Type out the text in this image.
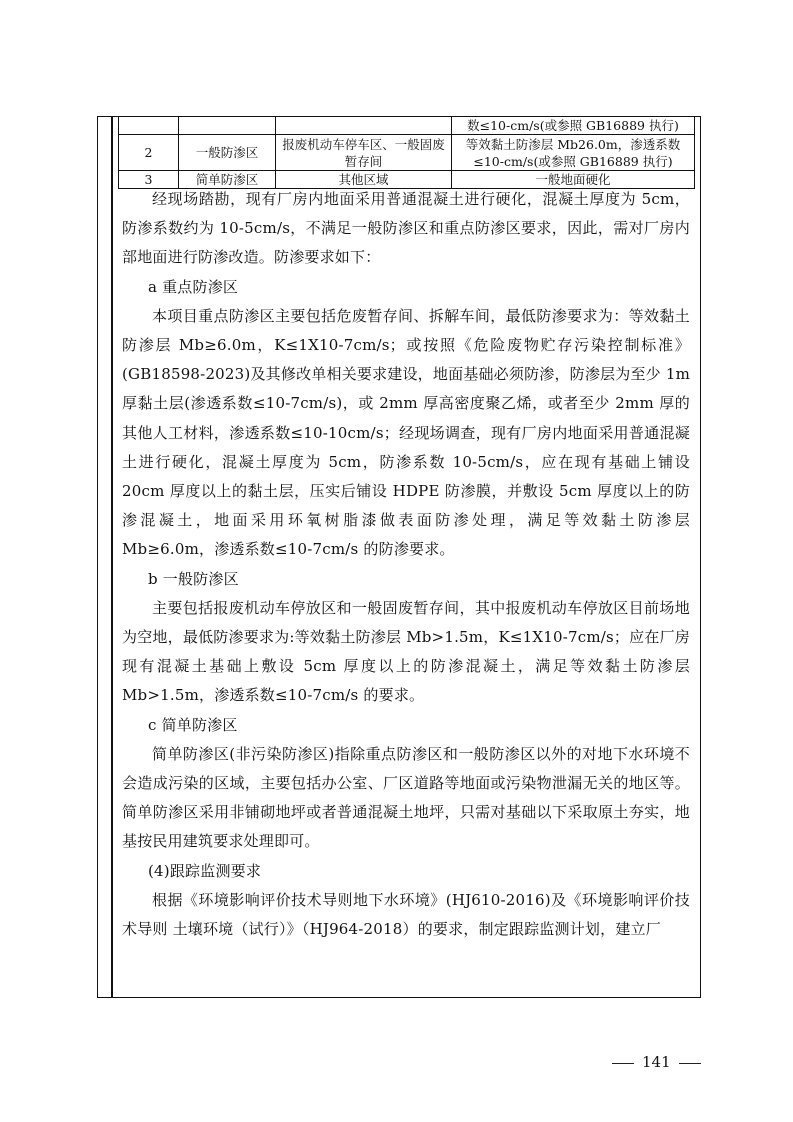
			数≤10-cm/s(或参照 GB16889 执行)
2	一般防渗区	报废机动车停车区、一般固废暂存间	等效黏土防渗层 Mb26.0m，渗透系数≤10-cm/s(或参照 GB16889 执行)
3	简单防渗区	其他区域	一般地面硬化

经现场踏勘，现有厂房内地面采用普通混凝土进行硬化，混凝土厚度为 5cm，防渗系数约为 10-5cm/s，不满足一般防渗区和重点防渗区要求，因此，需对厂房内部地面进行防渗改造。防渗要求如下：

a 重点防渗区

本项目重点防渗区主要包括危废暂存间、拆解车间，最低防渗要求为：等效黏土防渗层 Mb≥6.0m，K≤1X10-7cm/s；或按照《危险废物贮存污染控制标准》(GB18598-2023)及其修改单相关要求建设，地面基础必须防渗，防渗层为至少 1m 厚黏土层(渗透系数≤10-7cm/s)，或 2mm 厚高密度聚乙烯，或者至少 2mm 厚的其他人工材料，渗透系数≤10-10cm/s；经现场调查，现有厂房内地面采用普通混凝土进行硬化，混凝土厚度为 5cm，防渗系数 10-5cm/s，应在现有基础上铺设 20cm 厚度以上的黏土层，压实后铺设 HDPE 防渗膜，并敷设 5cm 厚度以上的防渗混凝土，地面采用环氧树脂漆做表面防渗处理，满足等效黏土防渗层 Mb≥6.0m，渗透系数≤10-7cm/s 的防渗要求。

b 一般防渗区

主要包括报废机动车停放区和一般固废暂存间，其中报废机动车停放区目前场地为空地，最低防渗要求为:等效黏土防渗层 Mb>1.5m，K≤1X10-7cm/s；应在厂房现有混凝土基础上敷设 5cm 厚度以上的防渗混凝土，满足等效黏土防渗层 Mb>1.5m，渗透系数≤10-7cm/s 的要求。

c 简单防渗区

简单防渗区(非污染防渗区)指除重点防渗区和一般防渗区以外的对地下水环境不会造成污染的区域，主要包括办公室、厂区道路等地面或污染物泄漏无关的地区等。简单防渗区采用非铺砌地坪或者普通混凝土地坪，只需对基础以下采取原土夯实，地基按民用建筑要求处理即可。

(4)跟踪监测要求

根据《环境影响评价技术导则地下水环境》(HJ610-2016)及《环境影响评价技术导则 土壤环境（试行）》（HJ964-2018）的要求，制定跟踪监测计划，建立厂

141
